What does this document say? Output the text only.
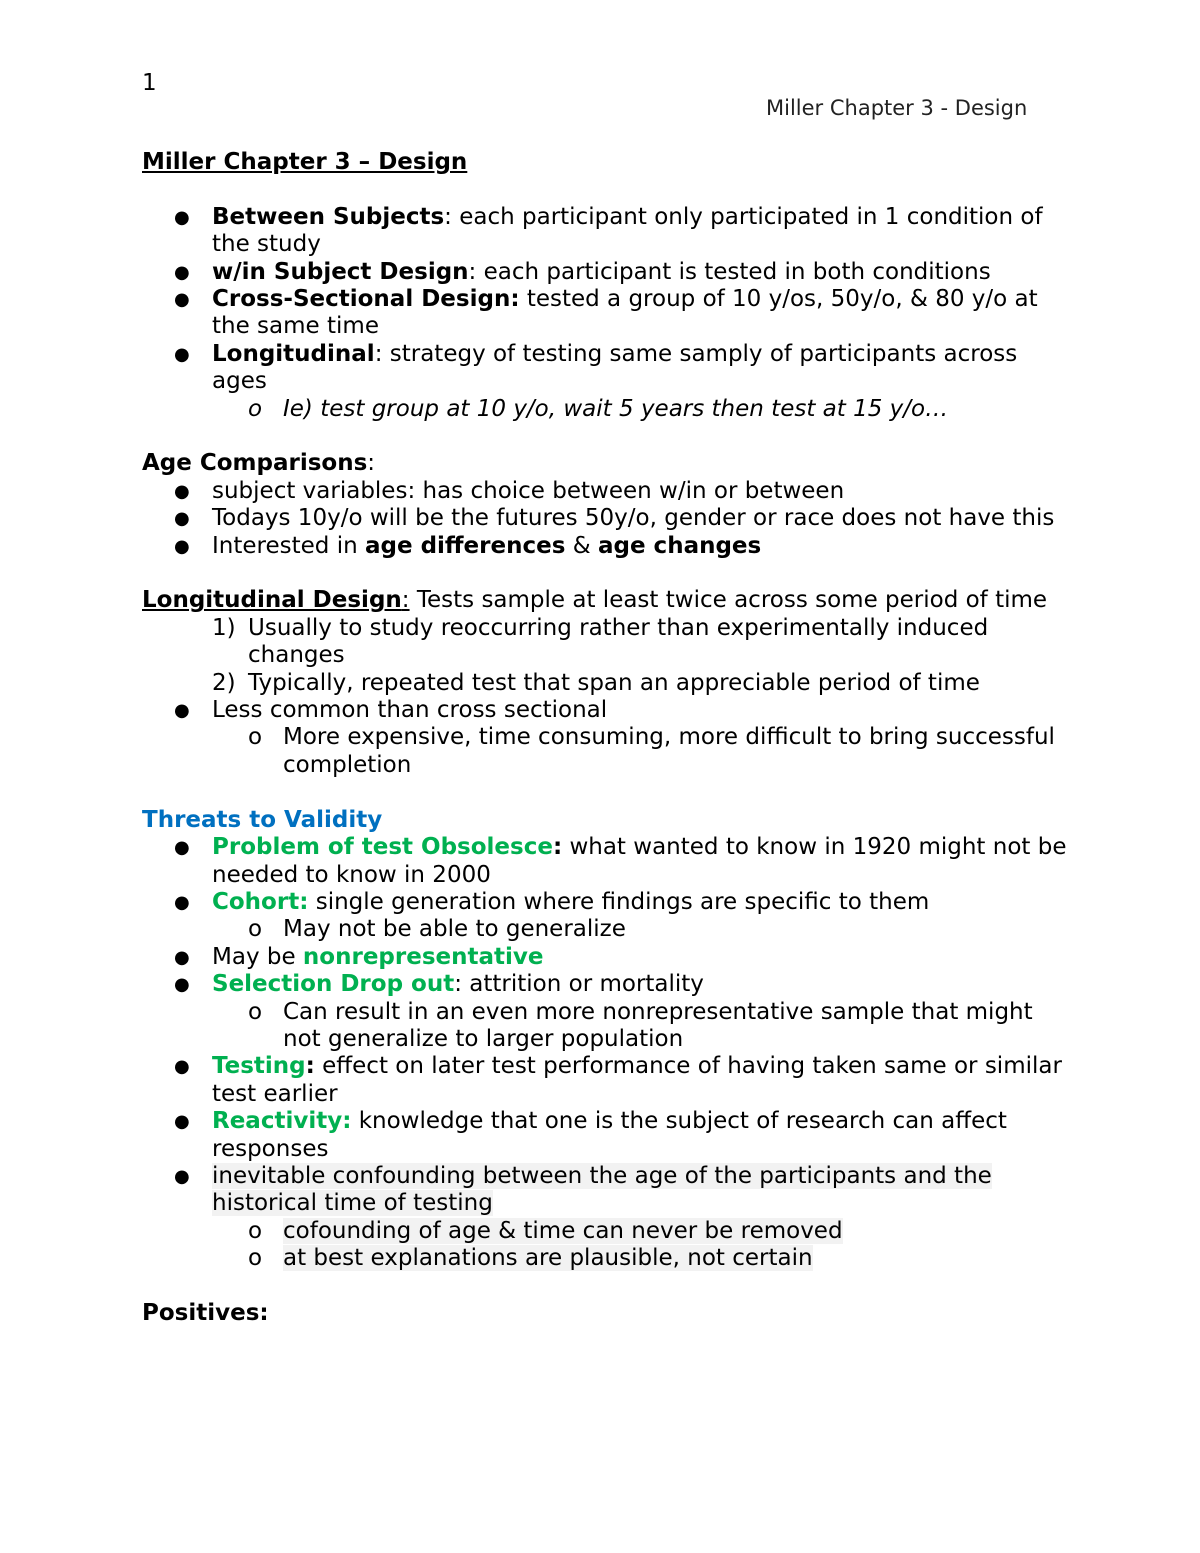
1
Miller Chapter 3 - Design

Miller Chapter 3 – Design

● Between Subjects: each participant only participated in 1 condition of the study
● w/in Subject Design: each participant is tested in both conditions
● Cross-Sectional Design: tested a group of 10 y/os, 50y/o, & 80 y/o at the same time
● Longitudinal: strategy of testing same samply of participants across ages
o Ie) test group at 10 y/o, wait 5 years then test at 15 y/o…

Age Comparisons:

● subject variables: has choice between w/in or between
● Todays 10y/o will be the futures 50y/o, gender or race does not have this
● Interested in age differences & age changes

Longitudinal Design: Tests sample at least twice across some period of time

1) Usually to study reoccurring rather than experimentally induced changes
2) Typically, repeated test that span an appreciable period of time
● Less common than cross sectional
o More expensive, time consuming, more difficult to bring successful completion

Threats to Validity

● Problem of test Obsolesce: what wanted to know in 1920 might not be needed to know in 2000
● Cohort: single generation where findings are specific to them
o May not be able to generalize
● May be nonrepresentative
● Selection Drop out: attrition or mortality
o Can result in an even more nonrepresentative sample that might not generalize to larger population
● Testing: effect on later test performance of having taken same or similar test earlier
● Reactivity: knowledge that one is the subject of research can affect responses
● inevitable confounding between the age of the participants and the historical time of testing
o cofounding of age & time can never be removed
o at best explanations are plausible, not certain

Positives:
